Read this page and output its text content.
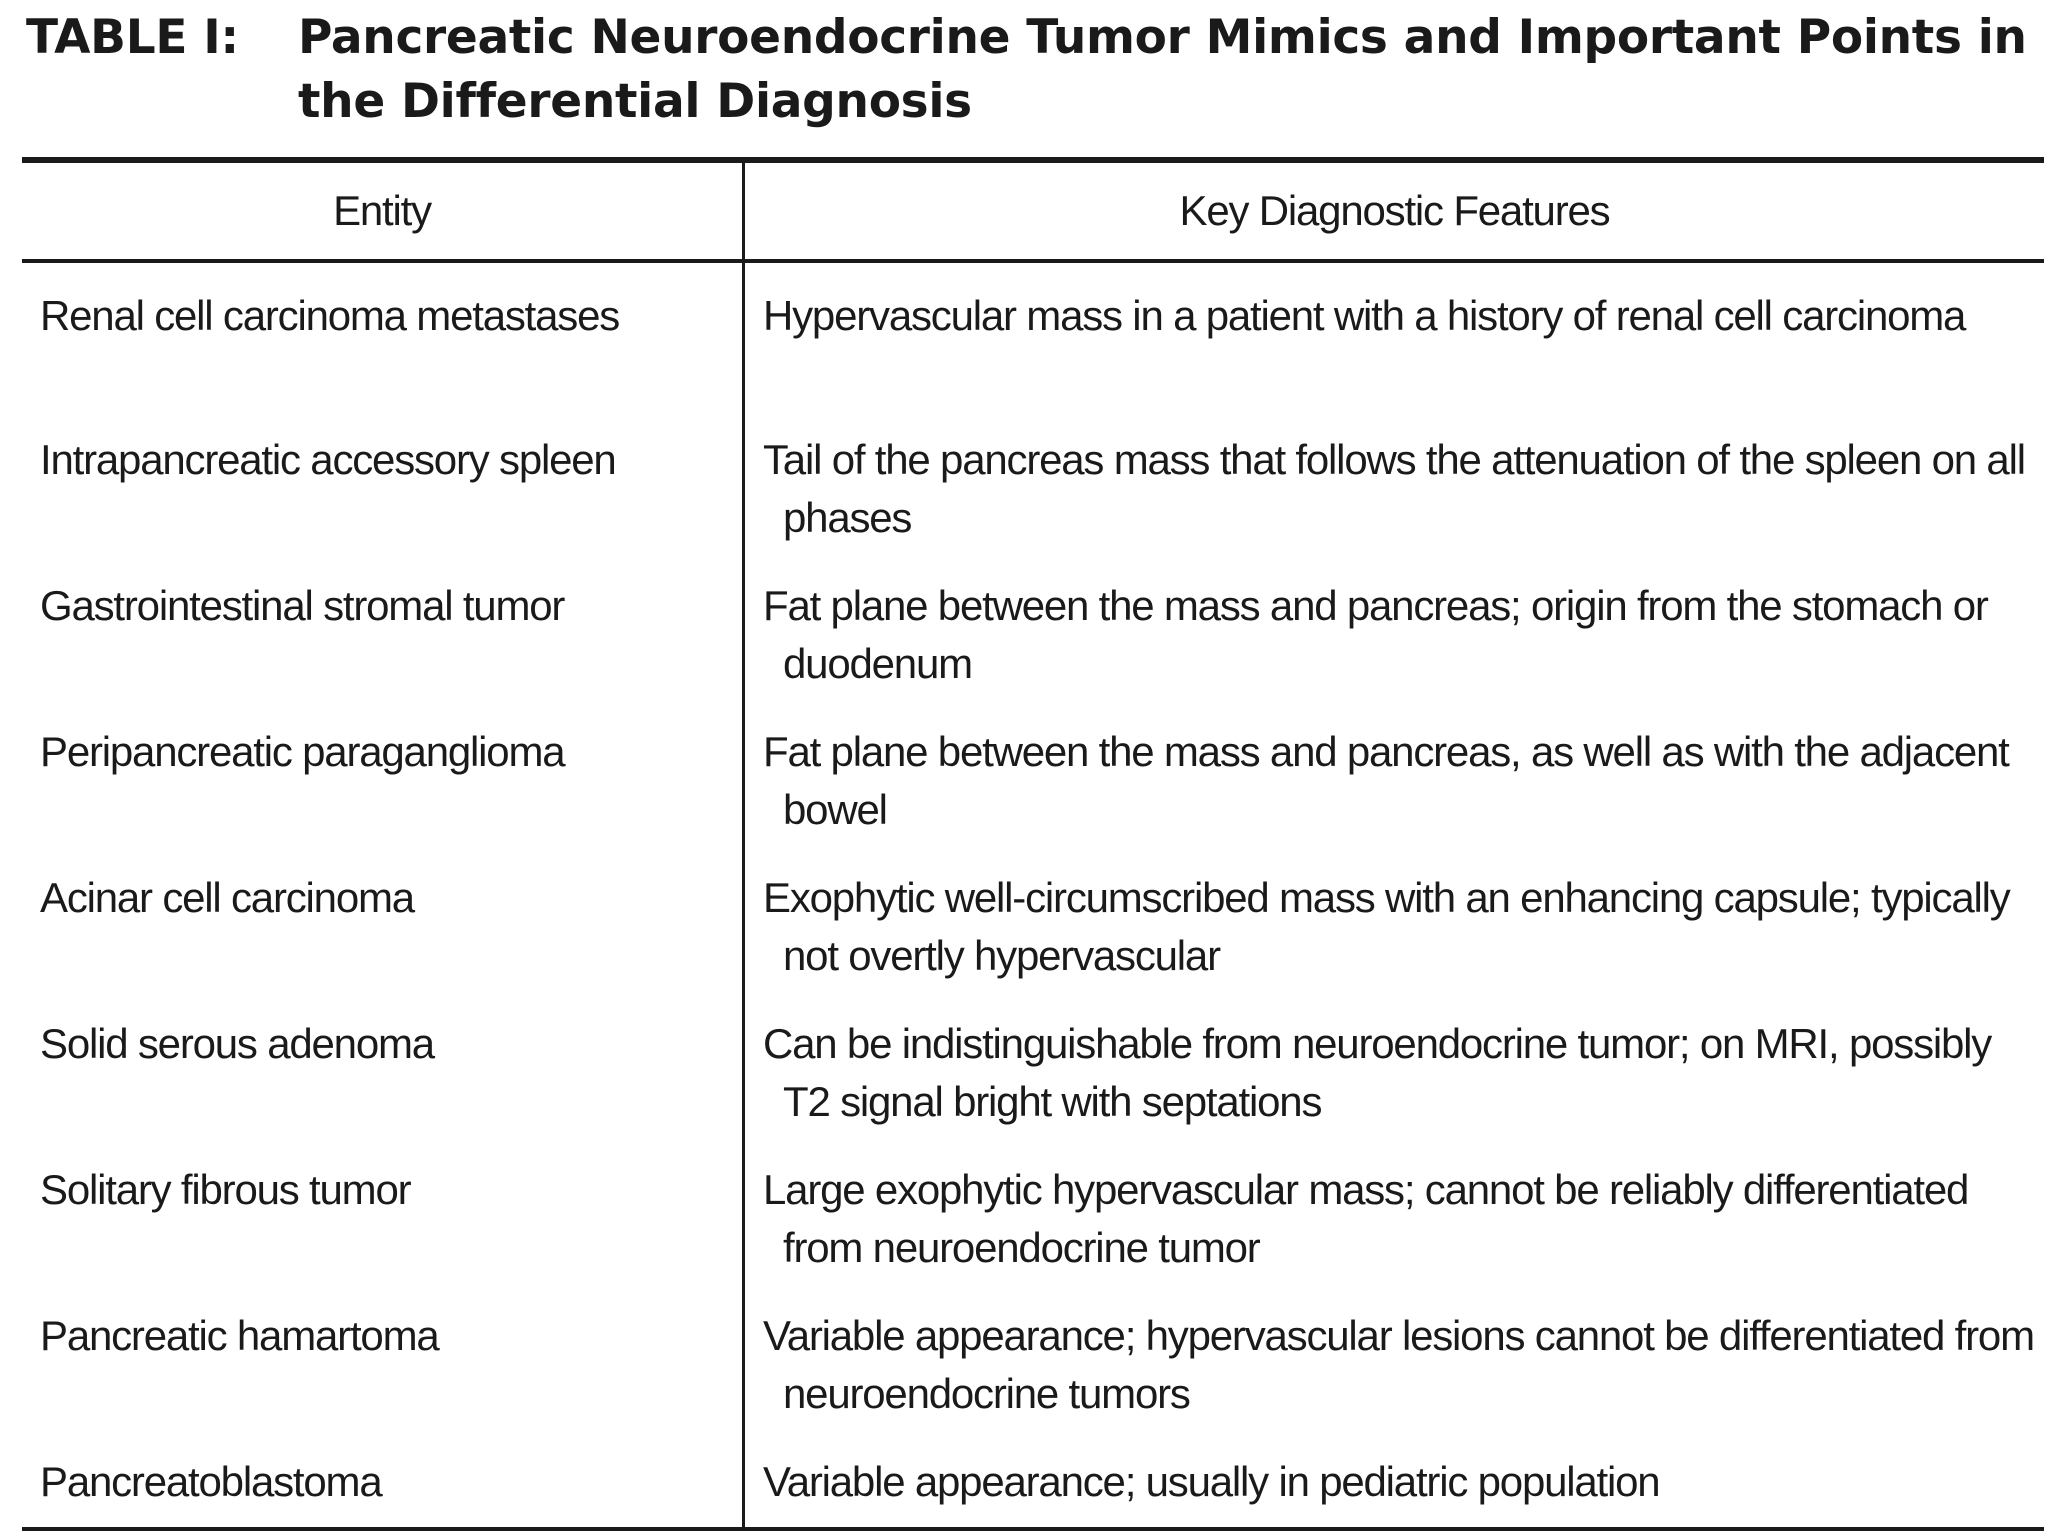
TABLE I: Pancreatic Neuroendocrine Tumor Mimics and Important Points in the Differential Diagnosis
Entity	Key Diagnostic Features

Renal cell carcinoma metastases	Hypervascular mass in a patient with a history of renal cell carcinoma

Intrapancreatic accessory spleen	Tail of the pancreas mass that follows the attenuation of the spleen on all phases

Gastrointestinal stromal tumor	Fat plane between the mass and pancreas; origin from the stomach or duodenum

Peripancreatic paraganglioma	Fat plane between the mass and pancreas, as well as with the adjacent bowel

Acinar cell carcinoma	Exophytic well-circumscribed mass with an enhancing capsule; typically not overtly hypervascular

Solid serous adenoma	Can be indistinguishable from neuroendocrine tumor; on MRI, possibly T2 signal bright with septations

Solitary fibrous tumor	Large exophytic hypervascular mass; cannot be reliably differentiated from neuroendocrine tumor

Pancreatic hamartoma	Variable appearance; hypervascular lesions cannot be differentiated from neuroendocrine tumors

Pancreatoblastoma	Variable appearance; usually in pediatric population
